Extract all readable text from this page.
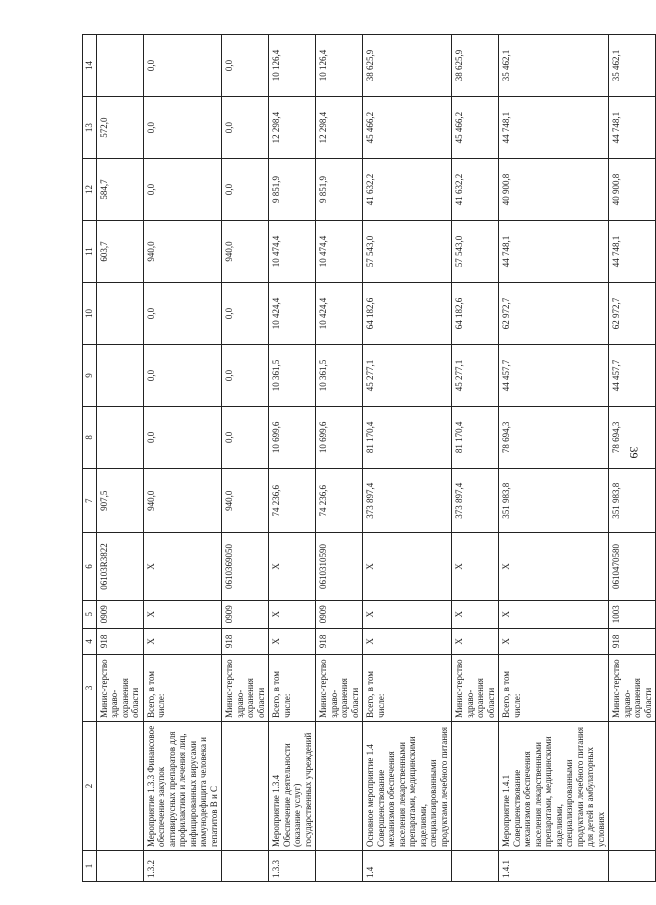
39
1	2	3	4	5	6	7	8	9	10	11	12	13	14
		Минис-терство здраво-охранения области	918	0909	06103R3822	907,5				603,7	584,7	572,0	
1.3.2	Мероприятие 1.3.3 Финансовое обеспечение закупок антивирусных препаратов для профилактики и лечения лиц, инфицированных вирусами иммунодефицита человека и гепатитов В и С	Всего, в том числе:	Х	Х	Х	940,0	0,0	0,0	0,0	940,0	0,0	0,0	0,0
		Минис-терство здраво-охранения области	918	0909	0610369050	940,0	0,0	0,0	0,0	940,0	0,0	0,0	0,0
1.3.3	Мероприятие 1.3.4 Обеспечение деятельности (оказание услуг) государственных учреждений	Всего, в том числе:	Х	Х	Х	74 236,6	10 699,6	10 361,5	10 424,4	10 474,4	9 851,9	12 298,4	10 126,4
		Минис-терство здраво-охранения области	918	0909	0610310590	74 236,6	10 699,6	10 361,5	10 424,4	10 474,4	9 851,9	12 298,4	10 126,4
1.4	Основное мероприятие 1.4 Совершенствование механизмов обеспечения населения лекарственными препаратами, медицинскими изделиями, специализированными продуктами лечебного питания	Всего, в том числе:	Х	Х	Х	373 897,4	81 170,4	45 277,1	64 182,6	57 543,0	41 632,2	45 466,2	38 625,9
		Минис-терство здраво-охранения области	Х	Х	Х	373 897,4	81 170,4	45 277,1	64 182,6	57 543,0	41 632,2	45 466,2	38 625,9
1.4.1	Мероприятие 1.4.1 Совершенствование механизмов обеспечения населения лекарственными препаратами, медицинскими изделиями, специализированными продуктами лечебного питания для детей в амбулаторных условиях	Всего, в том числе:	Х	Х	Х	351 983,8	78 694,3	44 457,7	62 972,7	44 748,1	40 900,8	44 748,1	35 462,1
		Минис-терство здраво-охранения области	918	1003	0610470580	351 983,8	78 694,3	44 457,7	62 972,7	44 748,1	40 900,8	44 748,1	35 462,1
